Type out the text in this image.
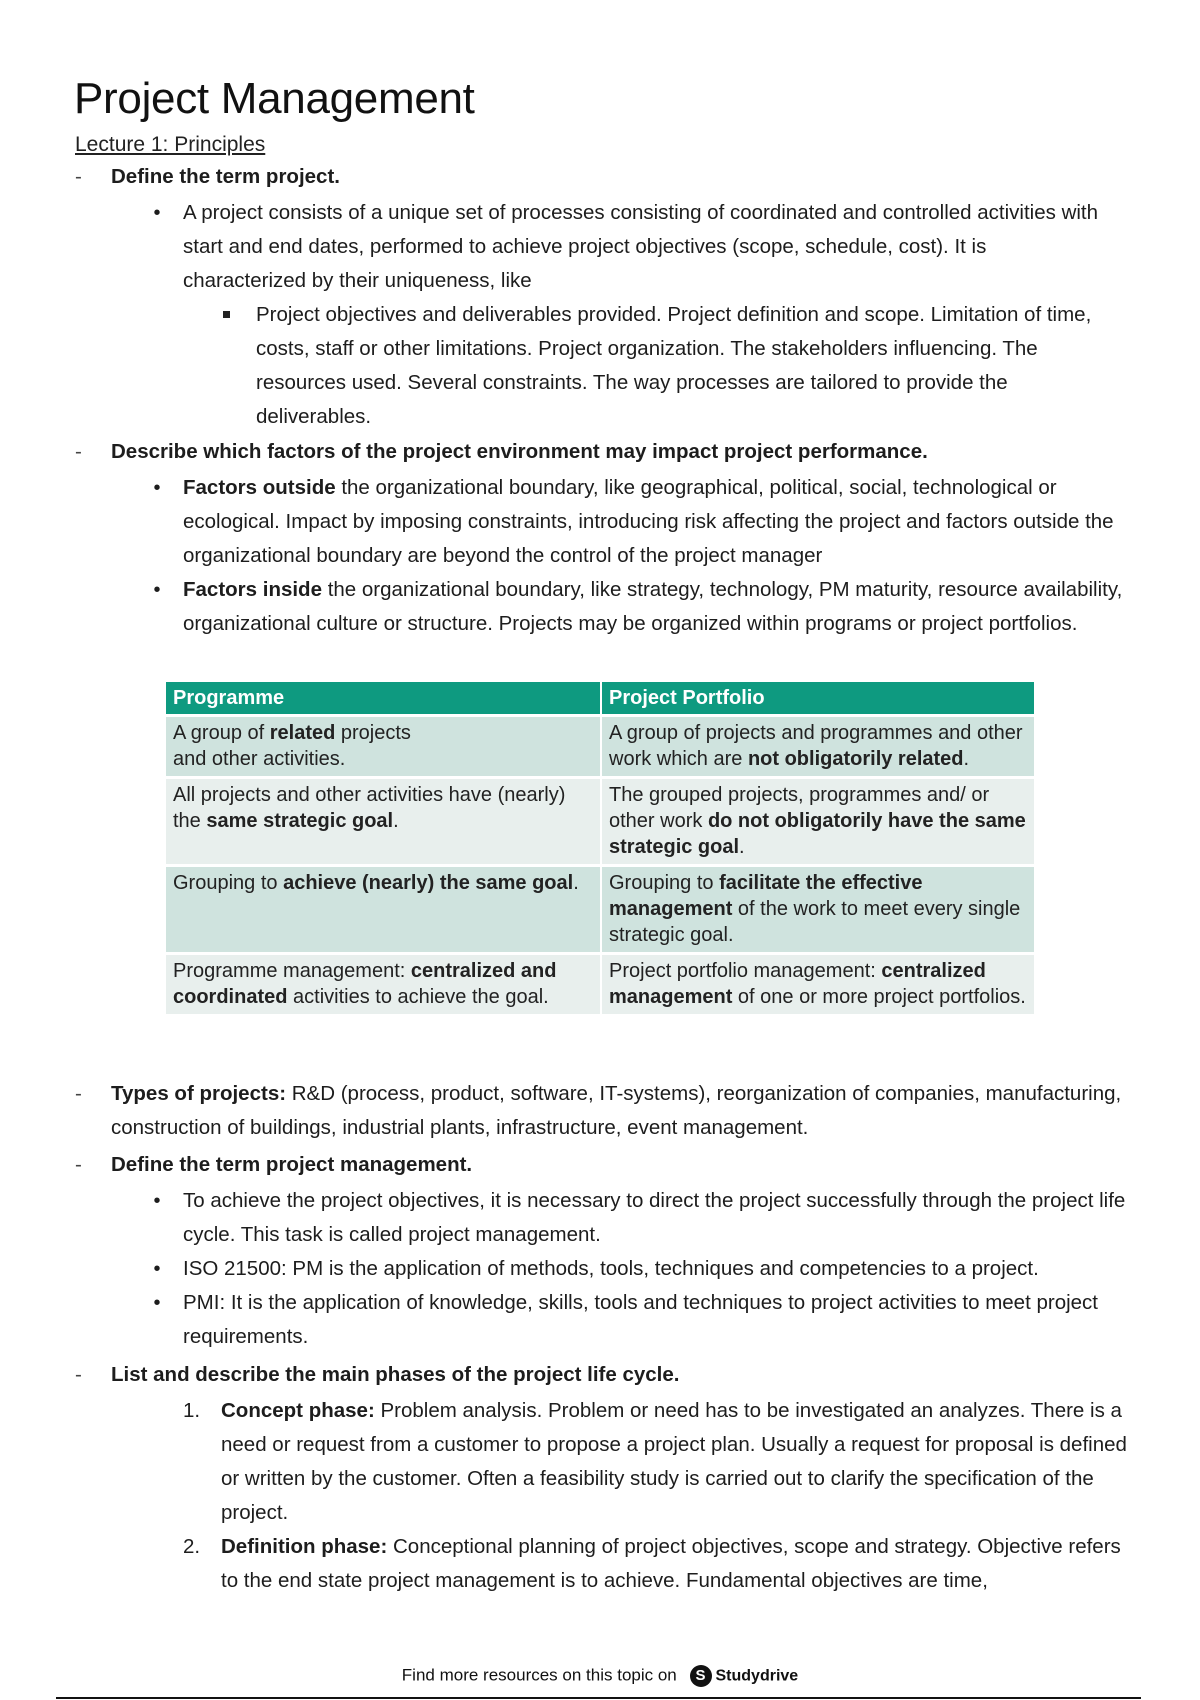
Project Management
Lecture 1: Principles
-	Define the term project.
•	A project consists of a unique set of processes consisting of coordinated and controlled activities with start and end dates, performed to achieve project objectives (scope, schedule, cost). It is characterized by their uniqueness, like
Project objectives and deliverables provided. Project definition and scope. Limitation of time, costs, staff or other limitations. Project organization. The stakeholders influencing. The resources used. Several constraints. The way processes are tailored to provide the deliverables.
-	Describe which factors of the project environment may impact project performance.
•	Factors outside the organizational boundary, like geographical, political, social, technological or ecological. Impact by imposing constraints, introducing risk affecting the project and factors outside the organizational boundary are beyond the control of the project manager
•	Factors inside the organizational boundary, like strategy, technology, PM maturity, resource availability, organizational culture or structure. Projects may be organized within programs or project portfolios.
Programme	Project Portfolio
A group of related projects
and other activities.	A group of projects and programmes and other work which are not obligatorily related.
All projects and other activities have (nearly) the same strategic goal.	The grouped projects, programmes and/ or other work do not obligatorily have the same strategic goal.
Grouping to achieve (nearly) the same goal.	Grouping to facilitate the effective management of the work to meet every single strategic goal.
Programme management: centralized and coordinated activities to achieve the goal.	Project portfolio management: centralized management of one or more project portfolios.
-	Types of projects: R&D (process, product, software, IT-systems), reorganization of companies, manufacturing, construction of buildings, industrial plants, infrastructure, event management.
-	Define the term project management.
•	To achieve the project objectives, it is necessary to direct the project successfully through the project life cycle. This task is called project management.
•	ISO 21500: PM is the application of methods, tools, techniques and competencies to a project.
•	PMI: It is the application of knowledge, skills, tools and techniques to project activities to meet project requirements.
-	List and describe the main phases of the project life cycle.
1. Concept phase: Problem analysis. Problem or need has to be investigated an analyzes. There is a need or request from a customer to propose a project plan. Usually a request for proposal is defined or written by the customer. Often a feasibility study is carried out to clarify the specification of the project.
2. Definition phase: Conceptional planning of project objectives, scope and strategy. Objective refers to the end state project management is to achieve. Fundamental objectives are time,
Find more resources on this topic on S Studydrive
